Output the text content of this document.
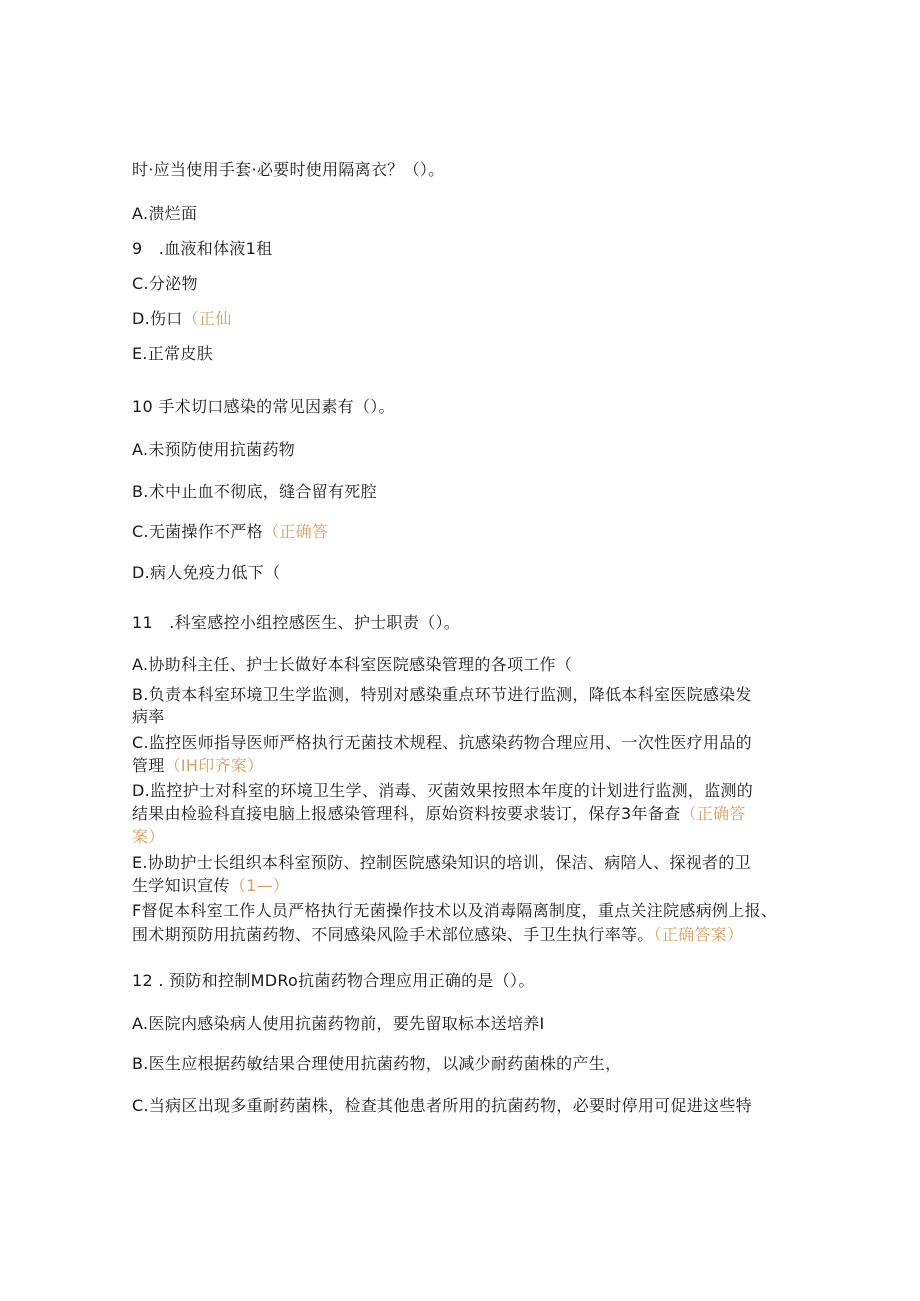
时·应当使用手套·必要时使用隔离衣？（）。
A.溃烂面
9　.血液和体液1租
C.分泌物
D.伤口（正仙
E.正常皮肤
10 手术切口感染的常见因素有（）。
A.未预防使用抗菌药物
B.术中止血不彻底，缝合留有死腔
C.无菌操作不严格（正确答
D.病人免疫力低下（
11　.科室感控小组控感医生、护士职责（）。
A.协助科主任、护士长做好本科室医院感染管理的各项工作（
B.负责本科室环境卫生学监测，特别对感染重点环节进行监测，降低本科室医院感染发
病率
C.监控医师指导医师严格执行无菌技术规程、抗感染药物合理应用、一次性医疗用品的
管理（IH印齐案）
D.监控护士对科室的环境卫生学、消毒、灭菌效果按照本年度的计划进行监测，监测的
结果由检验科直接电脑上报感染管理科，原始资料按要求装订，保存3年备查（正确答
案）
E.协助护士长组织本科室预防、控制医院感染知识的培训，保洁、病陪人、探视者的卫
生学知识宣传（1—）
F督促本科室工作人员严格执行无菌操作技术以及消毒隔离制度，重点关注院感病例上报、
围术期预防用抗菌药物、不同感染风险手术部位感染、手卫生执行率等。（正确答案）
12 . 预防和控制MDRo抗菌药物合理应用正确的是（）。
A.医院内感染病人使用抗菌药物前，要先留取标本送培养I
B.医生应根据药敏结果合理使用抗菌药物，以减少耐药菌株的产生，
C.当病区出现多重耐药菌株，检查其他患者所用的抗菌药物，必要时停用可促进这些特
